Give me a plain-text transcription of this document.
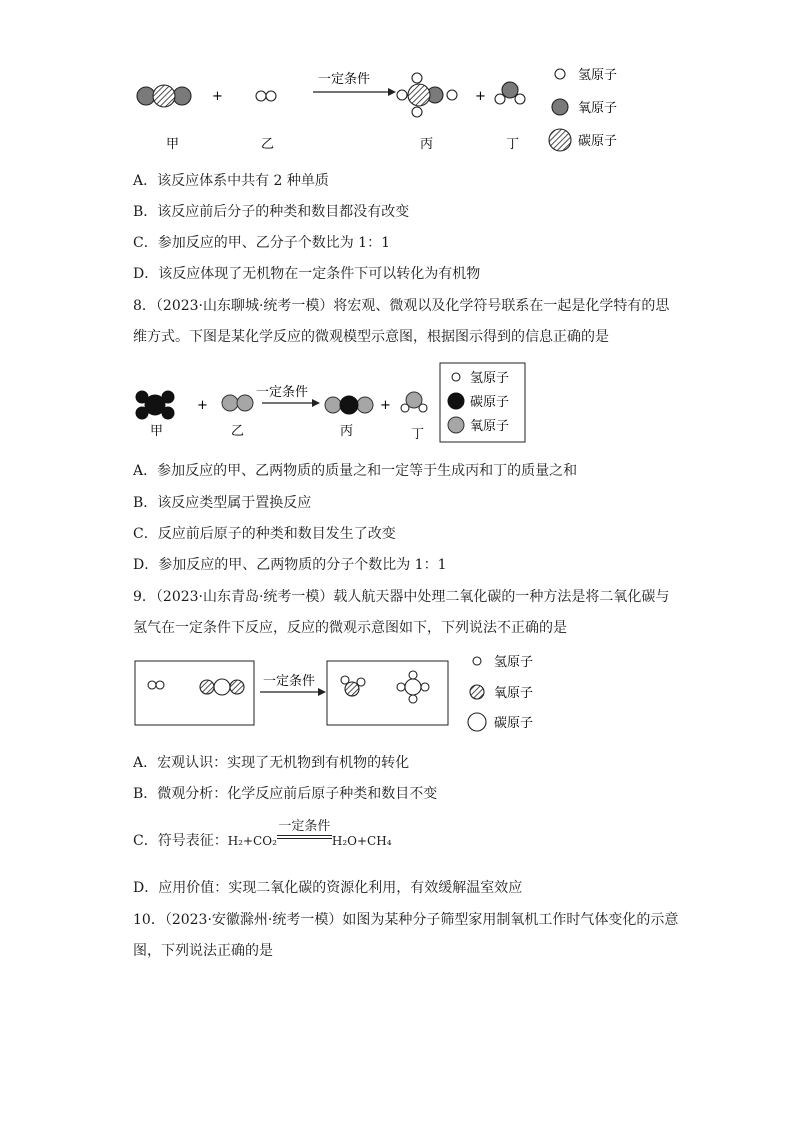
+
一定条件
+
氢原子
氧原子
碳原子
甲	乙	丙	丁
A．该反应体系中共有 2 种单质
B．该反应前后分子的种类和数目都没有改变
C．参加反应的甲、乙分子个数比为 1：1
D．该反应体现了无机物在一定条件下可以转化为有机物
8．（2023·山东聊城·统考一模）将宏观、微观以及化学符号联系在一起是化学特有的思
维方式。下图是某化学反应的微观模型示意图，根据图示得到的信息正确的是
+
一定条件
+
氢原子
碳原子
氧原子
甲	乙	丙	丁
A．参加反应的甲、乙两物质的质量之和一定等于生成丙和丁的质量之和
B．该反应类型属于置换反应
C．反应前后原子的种类和数目发生了改变
D．参加反应的甲、乙两物质的分子个数比为 1：1
9．（2023·山东青岛·统考一模）载人航天器中处理二氧化碳的一种方法是将二氧化碳与
氢气在一定条件下反应，反应的微观示意图如下，下列说法不正确的是
一定条件
氢原子
氧原子
碳原子
A．宏观认识：实现了无机物到有机物的转化
B．微观分析：化学反应前后原子种类和数目不变
C．符号表征：H₂+CO₂
一定条件
H₂O+CH₄
D．应用价值：实现二氧化碳的资源化利用，有效缓解温室效应
10．（2023·安徽滁州·统考一模）如图为某种分子筛型家用制氧机工作时气体变化的示意
图，下列说法正确的是
